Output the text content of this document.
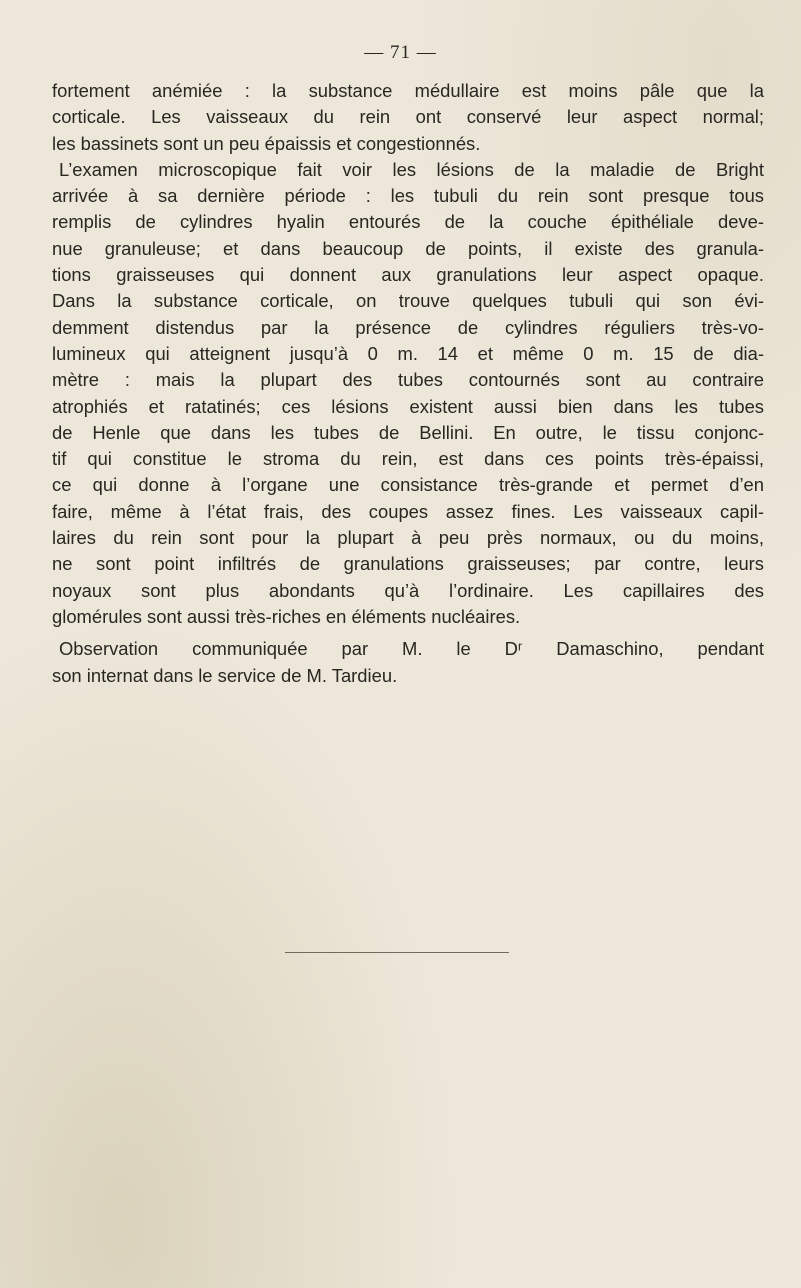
— 71 —
fortement anémiée : la substance médullaire est moins pâle que la
corticale. Les vaisseaux du rein ont conservé leur aspect normal;
les bassinets sont un peu épaissis et congestionnés.
L’examen microscopique fait voir les lésions de la maladie de Bright
arrivée à sa dernière période : les tubuli du rein sont presque tous
remplis de cylindres hyalin entourés de la couche épithéliale deve-
nue granuleuse; et dans beaucoup de points, il existe des granula-
tions graisseuses qui donnent aux granulations leur aspect opaque.
Dans la substance corticale, on trouve quelques tubuli qui son évi-
demment distendus par la présence de cylindres réguliers très-vo-
lumineux qui atteignent jusqu’à 0 m. 14 et même 0 m. 15 de dia-
mètre : mais la plupart des tubes contournés sont au contraire
atrophiés et ratatinés; ces lésions existent aussi bien dans les tubes
de Henle que dans les tubes de Bellini. En outre, le tissu conjonc-
tif qui constitue le stroma du rein, est dans ces points très-épaissi,
ce qui donne à l’organe une consistance très-grande et permet d’en
faire, même à l’état frais, des coupes assez fines. Les vaisseaux capil-
laires du rein sont pour la plupart à peu près normaux, ou du moins,
ne sont point infiltrés de granulations graisseuses; par contre, leurs
noyaux sont plus abondants qu’à l’ordinaire. Les capillaires des
glomérules sont aussi très-riches en éléments nucléaires.
Observation communiquée par M. le Dʳ Damaschino, pendant
son internat dans le service de M. Tardieu.
